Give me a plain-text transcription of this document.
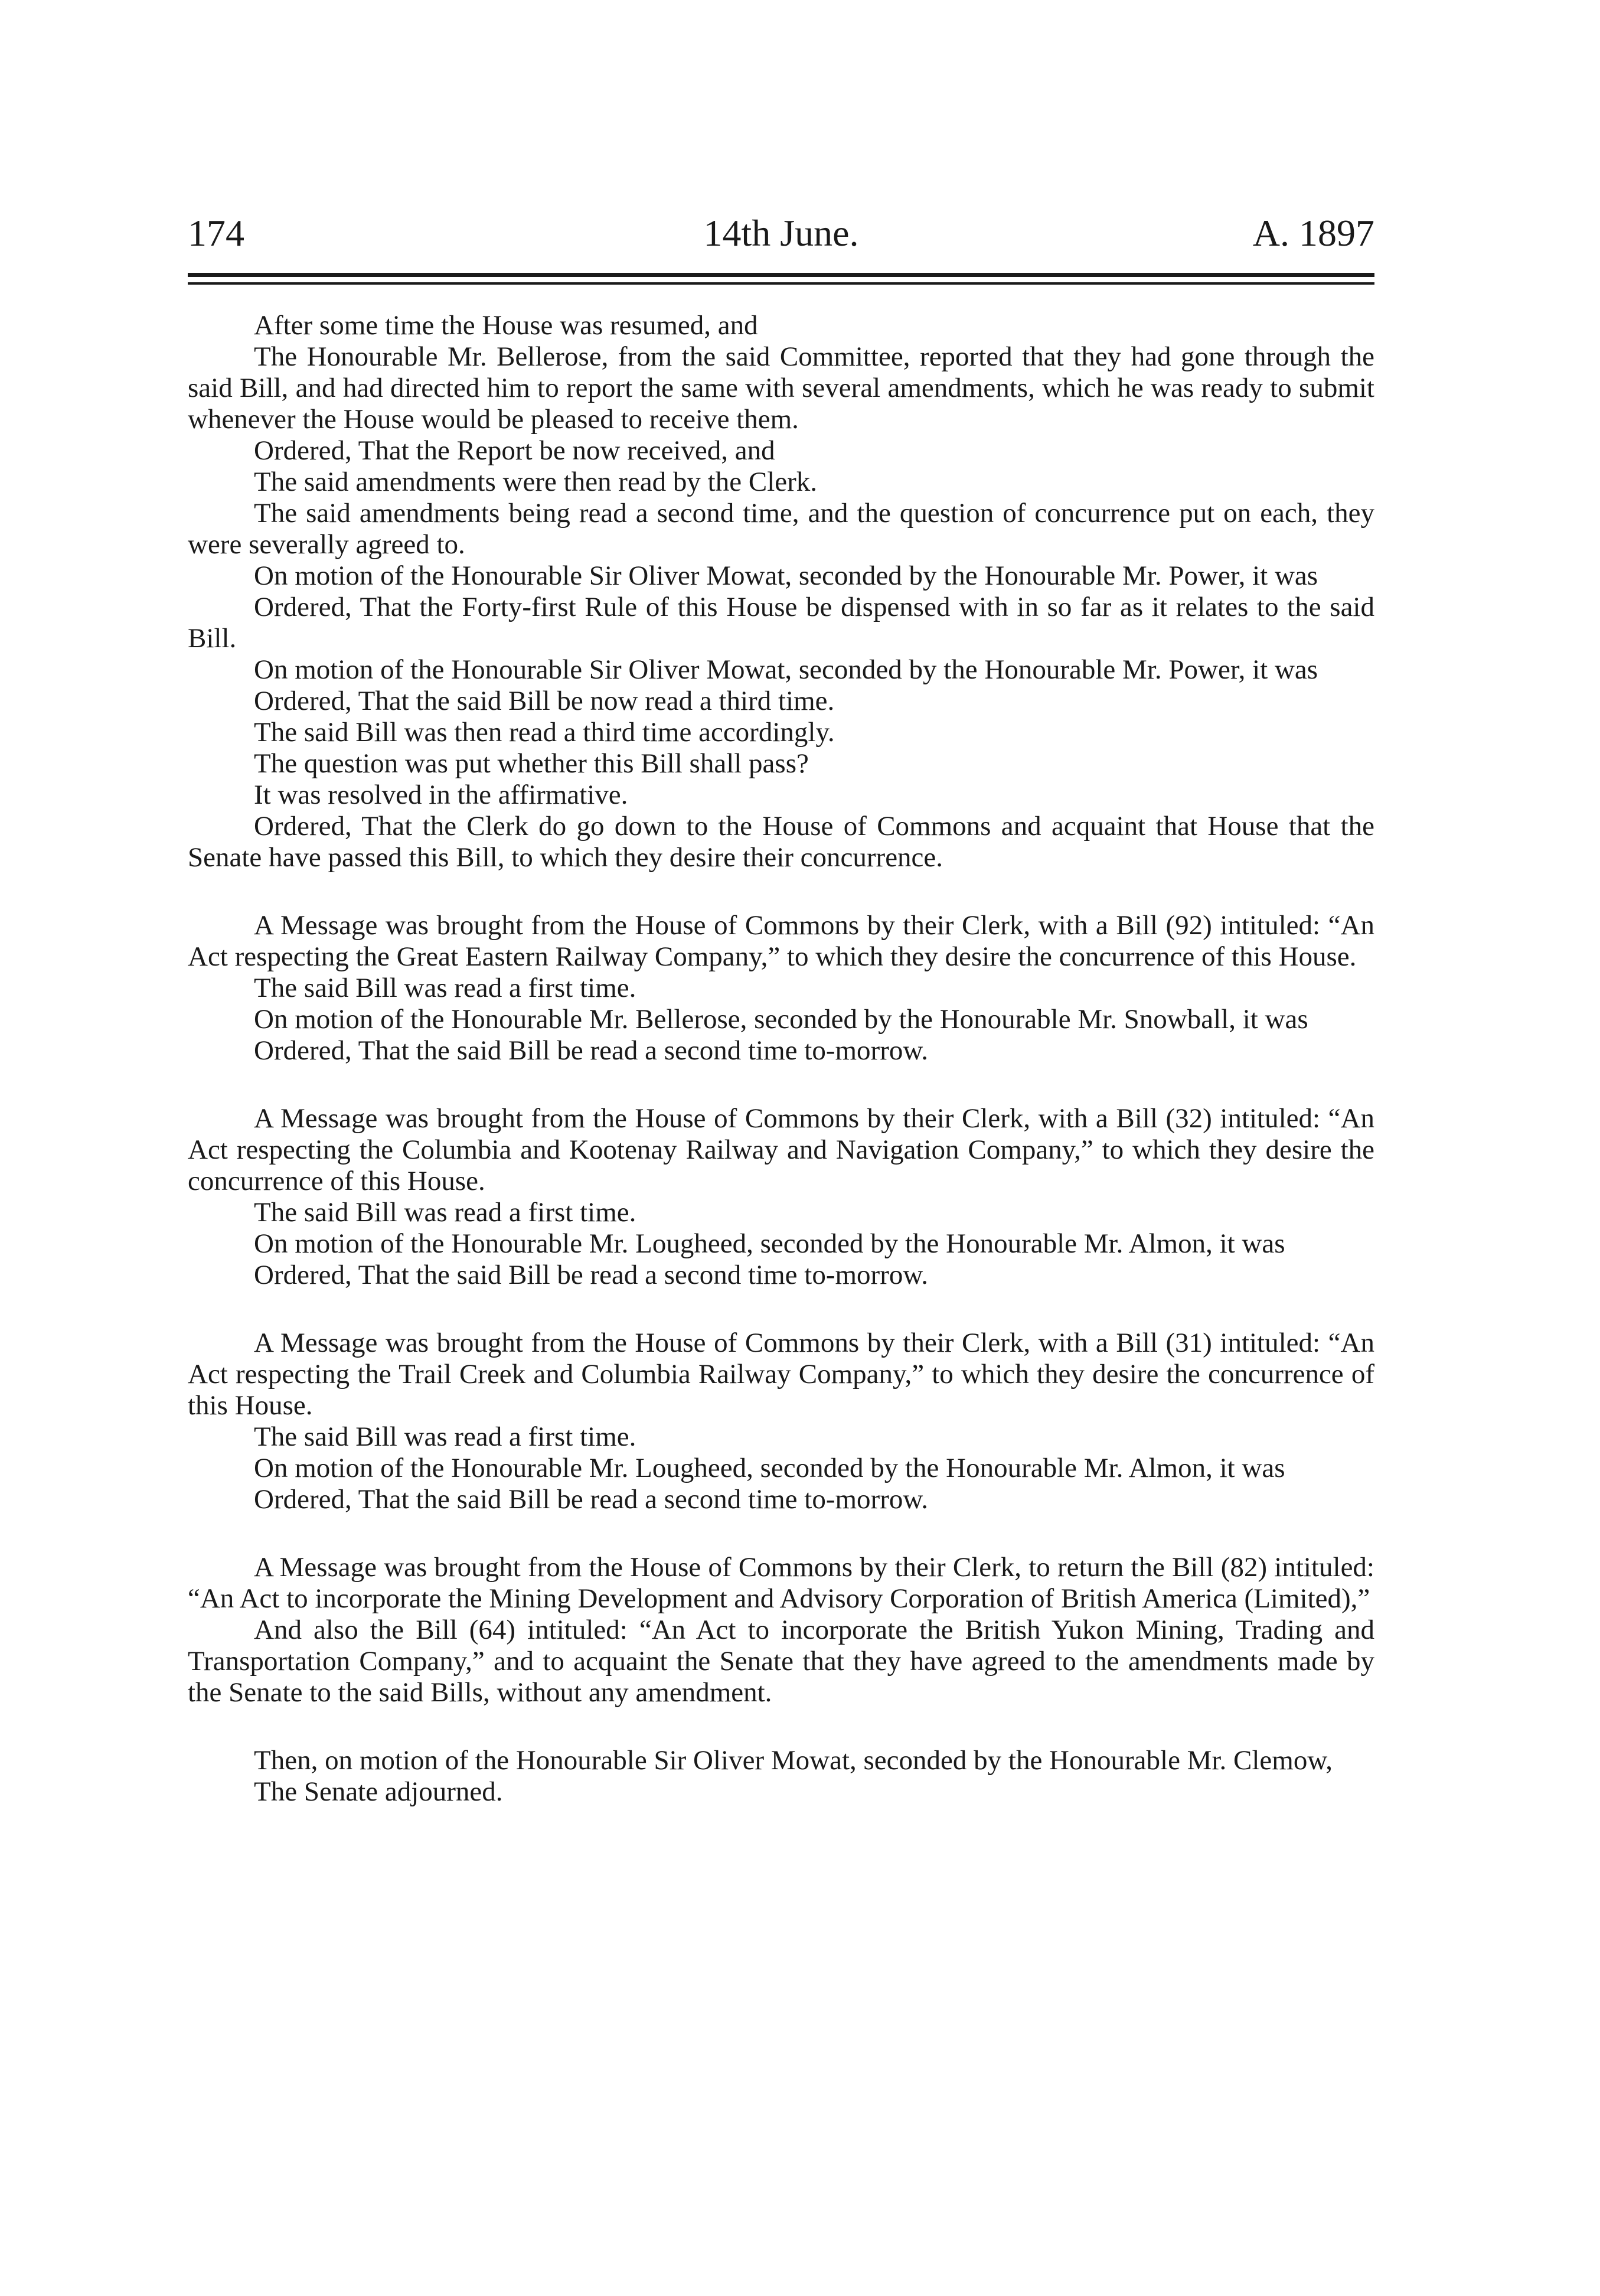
174	14th June.	A. 1897

After some time the House was resumed, and

The Honourable Mr. Bellerose, from the said Committee, reported that they had gone through the said Bill, and had directed him to report the same with several amendments, which he was ready to submit whenever the House would be pleased to receive them.

Ordered, That the Report be now received, and

The said amendments were then read by the Clerk.

The said amendments being read a second time, and the question of concurrence put on each, they were severally agreed to.

On motion of the Honourable Sir Oliver Mowat, seconded by the Honourable Mr. Power, it was

Ordered, That the Forty-first Rule of this House be dispensed with in so far as it relates to the said Bill.

On motion of the Honourable Sir Oliver Mowat, seconded by the Honourable Mr. Power, it was

Ordered, That the said Bill be now read a third time.

The said Bill was then read a third time accordingly.

The question was put whether this Bill shall pass?

It was resolved in the affirmative.

Ordered, That the Clerk do go down to the House of Commons and acquaint that House that the Senate have passed this Bill, to which they desire their concurrence.

A Message was brought from the House of Commons by their Clerk, with a Bill (92) intituled: “An Act respecting the Great Eastern Railway Company,” to which they desire the concurrence of this House.

The said Bill was read a first time.

On motion of the Honourable Mr. Bellerose, seconded by the Honourable Mr. Snowball, it was

Ordered, That the said Bill be read a second time to-morrow.

A Message was brought from the House of Commons by their Clerk, with a Bill (32) intituled: “An Act respecting the Columbia and Kootenay Railway and Navigation Company,” to which they desire the concurrence of this House.

The said Bill was read a first time.

On motion of the Honourable Mr. Lougheed, seconded by the Honourable Mr. Almon, it was

Ordered, That the said Bill be read a second time to-morrow.

A Message was brought from the House of Commons by their Clerk, with a Bill (31) intituled: “An Act respecting the Trail Creek and Columbia Railway Company,” to which they desire the concurrence of this House.

The said Bill was read a first time.

On motion of the Honourable Mr. Lougheed, seconded by the Honourable Mr. Almon, it was

Ordered, That the said Bill be read a second time to-morrow.

A Message was brought from the House of Commons by their Clerk, to return the Bill (82) intituled: “An Act to incorporate the Mining Development and Advisory Corporation of British America (Limited),”

And also the Bill (64) intituled: “An Act to incorporate the British Yukon Mining, Trading and Transportation Company,” and to acquaint the Senate that they have agreed to the amendments made by the Senate to the said Bills, without any amendment.

Then, on motion of the Honourable Sir Oliver Mowat, seconded by the Honourable Mr. Clemow,

The Senate adjourned.
